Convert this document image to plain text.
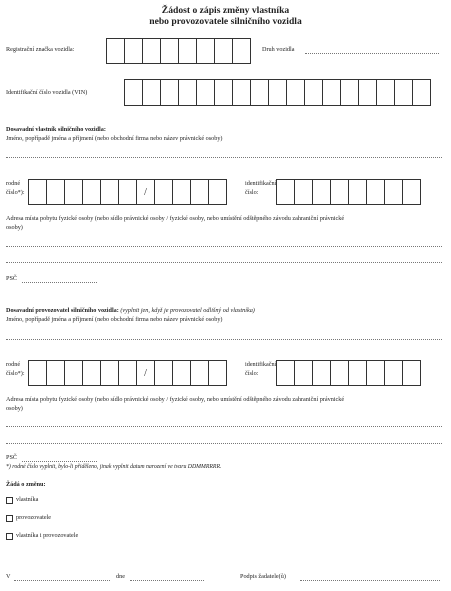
Žádost o zápis změny vlastníka
nebo provozovatele silničního vozidla
Registrační značka vozidla:	Druh vozidla
Identifikační číslo vozidla (VIN)
Dosavadní vlastník silničního vozidla:
Jméno, popřípadě jména a příjmení (nebo obchodní firma nebo název právnické osoby)
rodné
číslo*):	/
identifikační
číslo:
Adresa místa pobytu fyzické osoby (nebo sídlo právnické osoby / fyzické osoby, nebo umístění odštěpného závodu zahraniční právnické
osoby)
PSČ
Dosavadní provozovatel silničního vozidla: (vyplnit jen, když je provozovatel odlišný od vlastníka)
Jméno, popřípadě jména a příjmení (nebo obchodní firma nebo název právnické osoby)
rodné
číslo*):	/
identifikační
číslo:
Adresa místa pobytu fyzické osoby (nebo sídlo právnické osoby / fyzické osoby, nebo umístění odštěpného závodu zahraniční právnické
osoby)
PSČ
*) rodné číslo vyplnit, bylo-li přiděleno, jinak vyplnit datum narození ve tvaru DDMMRRRR.
Žádá o změnu:
vlastníka
provozovatele
vlastníka i provozovatele
V	dne	Podpis žadatele(ů)
